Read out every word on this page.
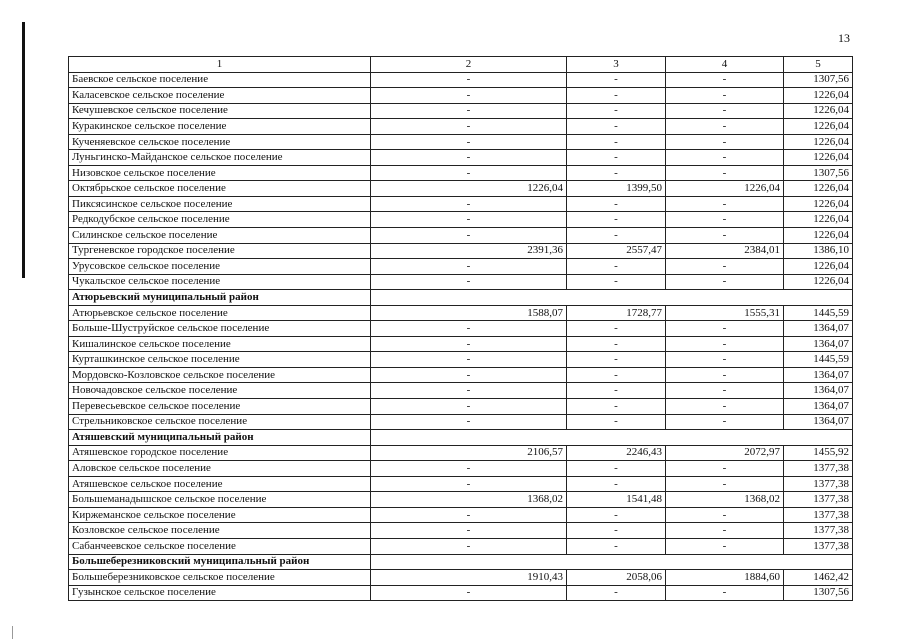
13
1	2	3	4	5
Баевское сельское поселение	-	-	-	1307,56
Каласевское сельское поселение	-	-	-	1226,04
Кечушевское сельское поселение	-	-	-	1226,04
Куракинское сельское поселение	-	-	-	1226,04
Кученяевское сельское поселение	-	-	-	1226,04
Луньгинско-Майданское сельское поселение	-	-	-	1226,04
Низовское сельское поселение	-	-	-	1307,56
Октябрьское сельское поселение	1226,04	1399,50	1226,04	1226,04
Пиксясинское сельское поселение	-	-	-	1226,04
Редкодубское сельское поселение	-	-	-	1226,04
Силинское сельское поселение	-	-	-	1226,04
Тургеневское городское поселение	2391,36	2557,47	2384,01	1386,10
Урусовское сельское поселение	-	-	-	1226,04
Чукальское сельское поселение	-	-	-	1226,04
Атюрьевский муниципальный район				
Атюрьевское сельское поселение	1588,07	1728,77	1555,31	1445,59
Больше-Шуструйское сельское поселение	-	-	-	1364,07
Кишалинское сельское поселение	-	-	-	1364,07
Курташкинское сельское поселение	-	-	-	1445,59
Мордовско-Козловское сельское поселение	-	-	-	1364,07
Новочадовское сельское поселение	-	-	-	1364,07
Перевесьевское сельское поселение	-	-	-	1364,07
Стрельниковское сельское поселение	-	-	-	1364,07
Атяшевский муниципальный район				
Атяшевское городское поселение	2106,57	2246,43	2072,97	1455,92
Аловское сельское поселение	-	-	-	1377,38
Атяшевское сельское поселение	-	-	-	1377,38
Большеманадышское сельское поселение	1368,02	1541,48	1368,02	1377,38
Киржеманское сельское поселение	-	-	-	1377,38
Козловское сельское поселение	-	-	-	1377,38
Сабанчеевское сельское поселение	-	-	-	1377,38
Большеберезниковский муниципальный район				
Большеберезниковское сельское поселение	1910,43	2058,06	1884,60	1462,42
Гузынское сельское поселение	-	-	-	1307,56
